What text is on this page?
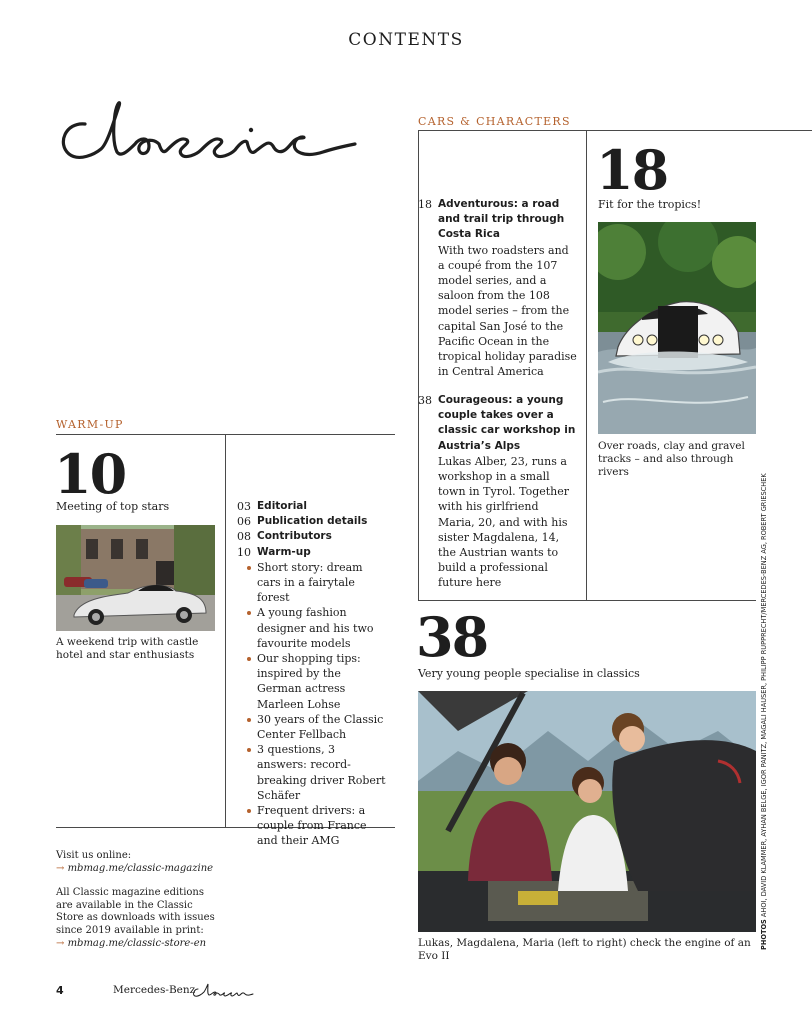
CONTENTS
WARM-UP
10
Meeting of top stars
A weekend trip with castle hotel and star enthusiasts
03 Editorial
06 Publication details
08 Contributors
10 Warm-up
Short story: dream cars in a fairytale forest
A young fashion designer and his two favourite models
Our shopping tips: inspired by the German actress Marleen Lohse
30 years of the Classic Center Fellbach
3 questions, 3 answers: record-breaking driver Robert Schäfer
Frequent drivers: a couple from France and their AMG
Visit us online:
→ mbmag.me/classic-magazine
All Classic magazine editions are available in the Classic Store as downloads with issues since 2019 available in print:
→ mbmag.me/classic-store-en
CARS & CHARACTERS
18 Adventurous: a road and trail trip through Costa Rica
With two roadsters and a coupé from the 107 model series, and a saloon from the 108 model series – from the capital San José to the Pacific Ocean in the tropical holiday paradise in Central America
38 Courageous: a young couple takes over a classic car workshop in Austria’s Alps
Lukas Alber, 23, runs a workshop in a small town in Tyrol. Together with his girlfriend Maria, 20, and with his sister Magdalena, 14, the Austrian wants to build a professional future here
18
Fit for the tropics!
Over roads, clay and gravel tracks – and also through rivers
38
Very young people specialise in classics
Lukas, Magdalena, Maria (left to right) check the engine of an Evo II
PHOTOS AHOI, DAVID KLAMMER, AYHAN BELGE, IGOR PANITZ, MAGALI HAUSER, PHILIPP RUPPRECHT/MERCEDES-BENZ AG, ROBERT GRIESCHEK
4	Mercedes-Benz
